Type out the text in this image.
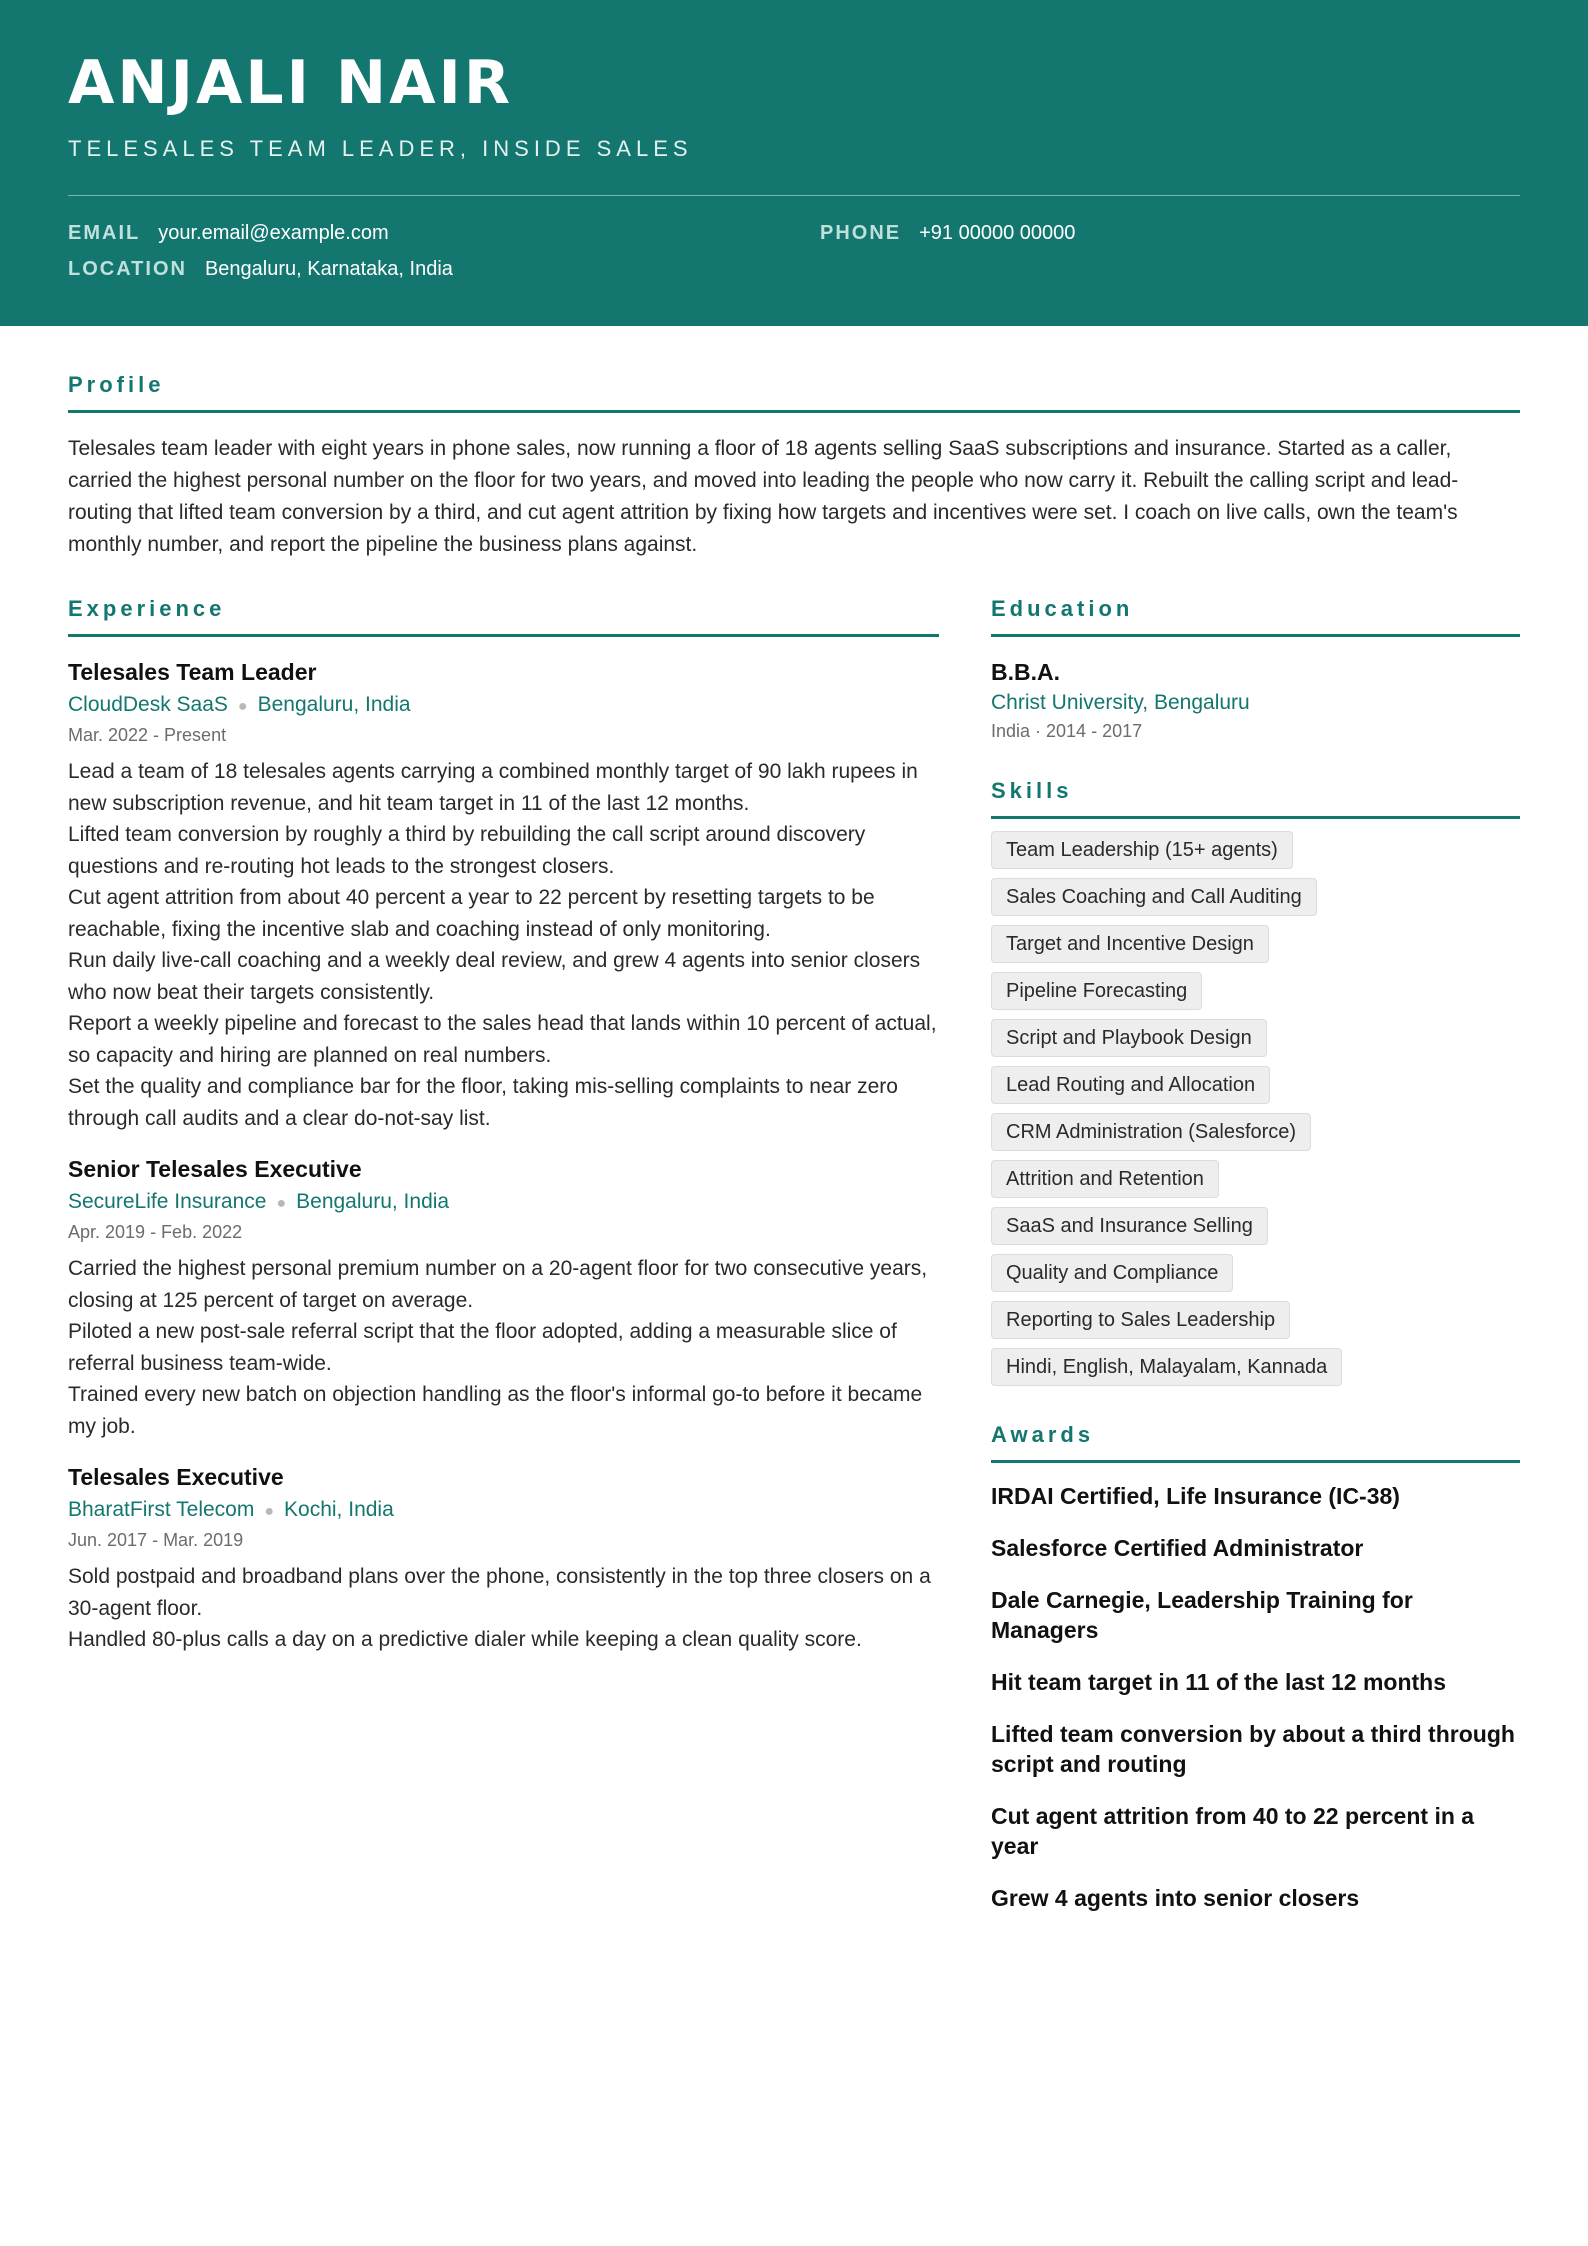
ANJALI NAIR
TELESALES TEAM LEADER, INSIDE SALES
EMAIL your.email@example.com	PHONE +91 00000 00000
LOCATION Bengaluru, Karnataka, India
Profile

Telesales team leader with eight years in phone sales, now running a floor of 18 agents selling SaaS subscriptions and insurance. Started as a caller, carried the highest personal number on the floor for two years, and moved into leading the people who now carry it. Rebuilt the calling script and lead-routing that lifted team conversion by a third, and cut agent attrition by fixing how targets and incentives were set. I coach on live calls, own the team's monthly number, and report the pipeline the business plans against.

Experience
Telesales Team Leader
CloudDesk SaaS ● Bengaluru, India
Mar. 2022 - Present

Lead a team of 18 telesales agents carrying a combined monthly target of 90 lakh rupees in new subscription revenue, and hit team target in 11 of the last 12 months.

Lifted team conversion by roughly a third by rebuilding the call script around discovery questions and re-routing hot leads to the strongest closers.

Cut agent attrition from about 40 percent a year to 22 percent by resetting targets to be reachable, fixing the incentive slab and coaching instead of only monitoring.

Run daily live-call coaching and a weekly deal review, and grew 4 agents into senior closers who now beat their targets consistently.

Report a weekly pipeline and forecast to the sales head that lands within 10 percent of actual, so capacity and hiring are planned on real numbers.

Set the quality and compliance bar for the floor, taking mis-selling complaints to near zero through call audits and a clear do-not-say list.

Senior Telesales Executive
SecureLife Insurance ● Bengaluru, India
Apr. 2019 - Feb. 2022

Carried the highest personal premium number on a 20-agent floor for two consecutive years, closing at 125 percent of target on average.

Piloted a new post-sale referral script that the floor adopted, adding a measurable slice of referral business team-wide.

Trained every new batch on objection handling as the floor's informal go-to before it became my job.

Telesales Executive
BharatFirst Telecom ● Kochi, India
Jun. 2017 - Mar. 2019

Sold postpaid and broadband plans over the phone, consistently in the top three closers on a 30-agent floor.

Handled 80-plus calls a day on a predictive dialer while keeping a clean quality score.

Education
B.B.A.
Christ University, Bengaluru
India · 2014 - 2017
Skills
Team Leadership (15+ agents)
Sales Coaching and Call Auditing
Target and Incentive Design
Pipeline Forecasting
Script and Playbook Design
Lead Routing and Allocation
CRM Administration (Salesforce)
Attrition and Retention
SaaS and Insurance Selling
Quality and Compliance
Reporting to Sales Leadership
Hindi, English, Malayalam, Kannada
Awards
IRDAI Certified, Life Insurance (IC-38)
Salesforce Certified Administrator
Dale Carnegie, Leadership Training for Managers
Hit team target in 11 of the last 12 months
Lifted team conversion by about a third through script and routing
Cut agent attrition from 40 to 22 percent in a year
Grew 4 agents into senior closers
